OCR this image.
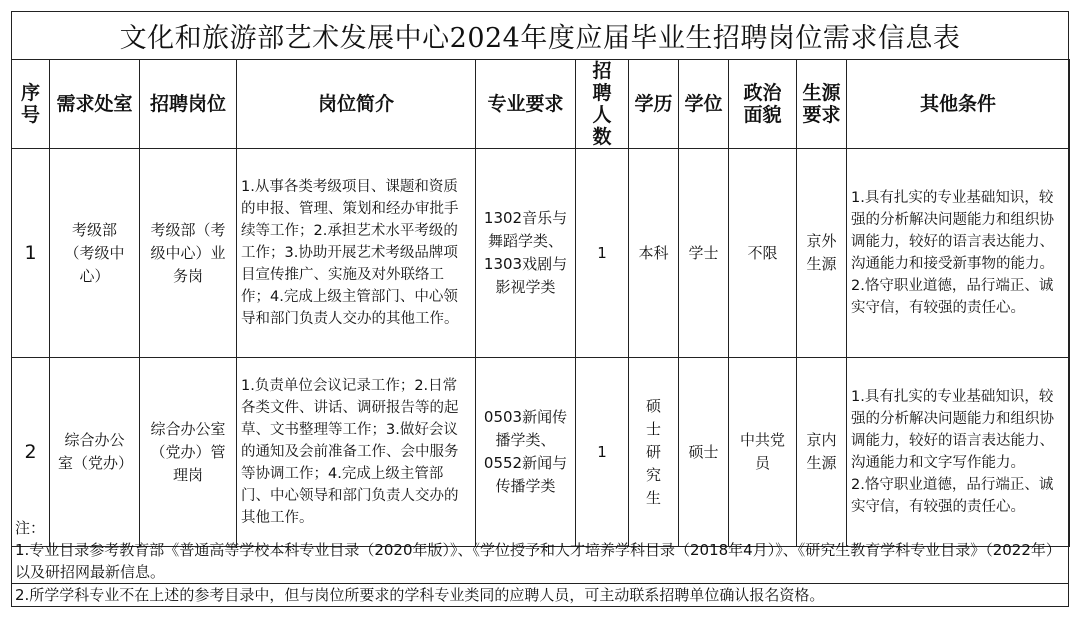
文化和旅游部艺术发展中心2024年度应届毕业生招聘岗位需求信息表
序号	需求处室	招聘岗位	岗位简介	专业要求	招聘人数	学历	学位	政治面貌	生源要求	其他条件
1	考级部（考级中心）	考级部（考级中心）业务岗	1.从事各类考级项目、课题和资质的申报、管理、策划和经办审批手续等工作；2.承担艺术水平考级的工作；3.协助开展艺术考级品牌项目宣传推广、实施及对外联络工作；4.完成上级主管部门、中心领导和部门负责人交办的其他工作。	1302音乐与舞蹈学类、1303戏剧与影视学类	1	本科	学士	不限	京外生源	1.具有扎实的专业基础知识，较强的分析解决问题能力和组织协调能力，较好的语言表达能力、沟通能力和接受新事物的能力。

2.恪守职业道德，品行端正、诚实守信，有较强的责任心。

2	综合办公室（党办）	综合办公室（党办）管理岗	1.负责单位会议记录工作；2.日常各类文件、讲话、调研报告等的起草、文书整理等工作；3.做好会议的通知及会前准备工作、会中服务等协调工作；4.完成上级主管部门、中心领导和部门负责人交办的其他工作。	0503新闻传播学类、0552新闻与传播学类	1	硕士研究生	硕士	中共党员	京内生源	1.具有扎实的专业基础知识，较强的分析解决问题能力和组织协调能力，较好的语言表达能力、沟通能力和文字写作能力。

2.恪守职业道德，品行端正、诚实守信，有较强的责任心。

注：

1.专业目录参考教育部《普通高等学校本科专业目录（2020年版）》、《学位授予和人才培养学科目录（2018年4月）》、《研究生教育学科专业目录》（2022年）以及研招网最新信息。

2.所学学科专业不在上述的参考目录中，但与岗位所要求的学科专业类同的应聘人员，可主动联系招聘单位确认报名资格。
